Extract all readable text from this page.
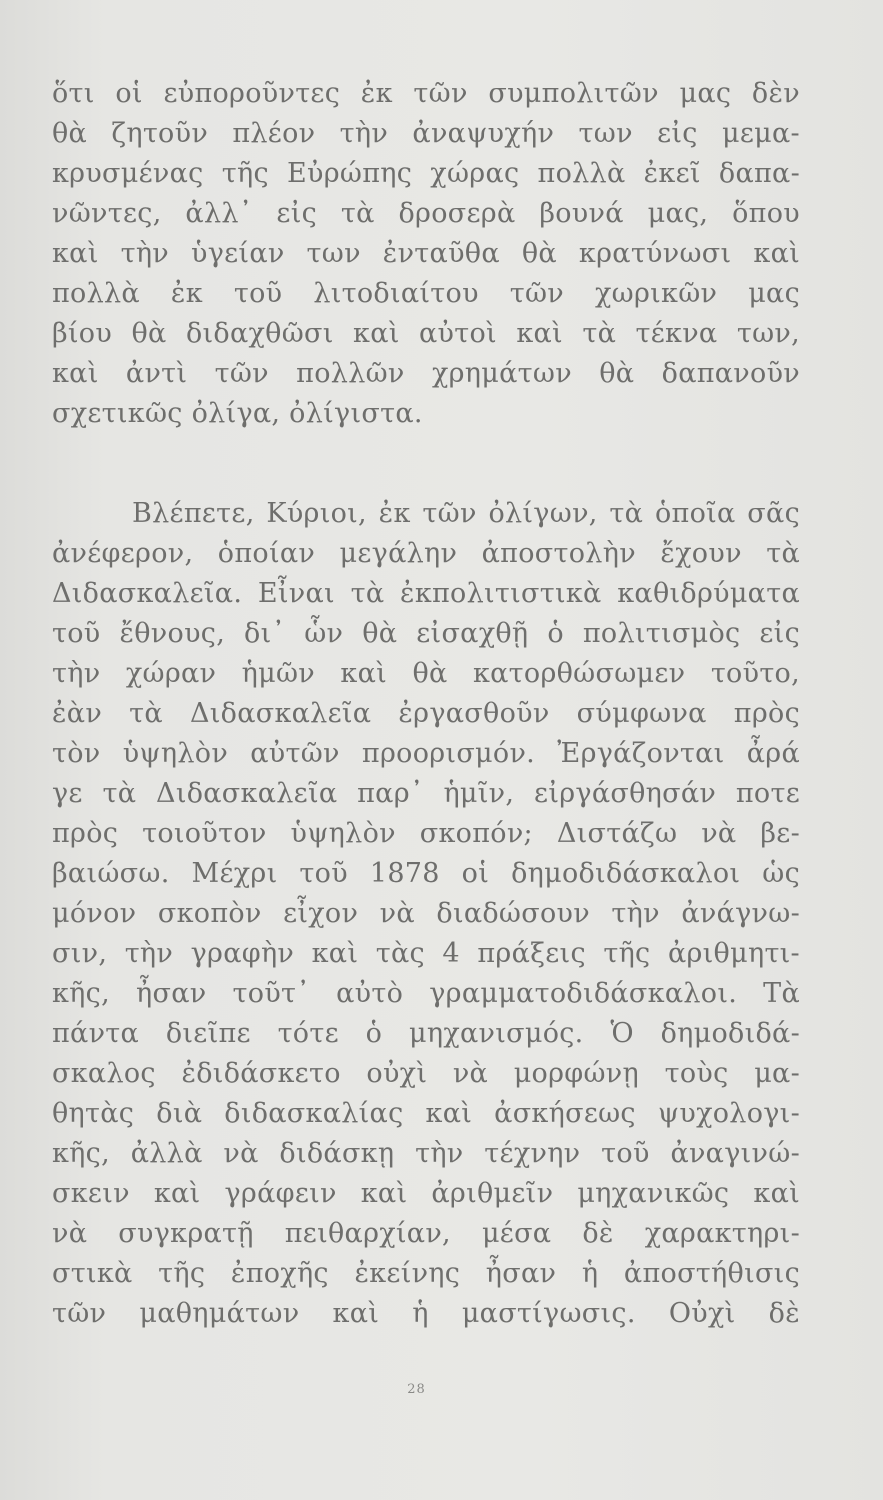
ὅτι οἱ εὐποροῦντες ἐκ τῶν συμπολιτῶν μας δὲν
θὰ ζητοῦν πλέον τὴν ἀναψυχήν των εἰς μεμα-
κρυσμένας τῆς Εὐρώπης χώρας πολλὰ ἐκεῖ δαπα-
νῶντες, ἀλλ᾽ εἰς τὰ δροσερὰ βουνά μας, ὅπου
καὶ τὴν ὑγείαν των ἐνταῦθα θὰ κρατύνωσι καὶ
πολλὰ ἐκ τοῦ λιτοδιαίτου τῶν χωρικῶν μας
βίου θὰ διδαχθῶσι καὶ αὐτοὶ καὶ τὰ τέκνα των,
καὶ ἀντὶ τῶν πολλῶν χρημάτων θὰ δαπανοῦν
σχετικῶς ὀλίγα, ὀλίγιστα.
Βλέπετε, Κύριοι, ἐκ τῶν ὀλίγων, τὰ ὁποῖα σᾶς
ἀνέφερον, ὁποίαν μεγάλην ἀποστολὴν ἔχουν τὰ
Διδασκαλεῖα. Εἶναι τὰ ἐκπολιτιστικὰ καθιδρύματα
τοῦ ἔθνους, δι᾽ ὧν θὰ εἰσαχθῇ ὁ πολιτισμὸς εἰς
τὴν χώραν ἡμῶν καὶ θὰ κατορθώσωμεν τοῦτο,
ἐὰν τὰ Διδασκαλεῖα ἐργασθοῦν σύμφωνα πρὸς
τὸν ὑψηλὸν αὐτῶν προορισμόν. Ἐργάζονται ἆρά
γε τὰ Διδασκαλεῖα παρ᾽ ἡμῖν, εἰργάσθησάν ποτε
πρὸς τοιοῦτον ὑψηλὸν σκοπόν; Διστάζω νὰ βε-
βαιώσω. Μέχρι τοῦ 1878 οἱ δημοδιδάσκαλοι ὡς
μόνον σκοπὸν εἶχον νὰ διαδώσουν τὴν ἀνάγνω-
σιν, τὴν γραφὴν καὶ τὰς 4 πράξεις τῆς ἀριθμητι-
κῆς, ἦσαν τοῦτ᾽ αὐτὸ γραμματοδιδάσκαλοι. Τὰ
πάντα διεῖπε τότε ὁ μηχανισμός. Ὁ δημοδιδά-
σκαλος ἐδιδάσκετο οὐχὶ νὰ μορφώνῃ τοὺς μα-
θητὰς διὰ διδασκαλίας καὶ ἀσκήσεως ψυχολογι-
κῆς, ἀλλὰ νὰ διδάσκῃ τὴν τέχνην τοῦ ἀναγινώ-
σκειν καὶ γράφειν καὶ ἀριθμεῖν μηχανικῶς καὶ
νὰ συγκρατῇ πειθαρχίαν, μέσα δὲ χαρακτηρι-
στικὰ τῆς ἐποχῆς ἐκείνης ἦσαν ἡ ἀποστήθισις
τῶν μαθημάτων καὶ ἡ μαστίγωσις. Οὐχὶ δὲ
28
